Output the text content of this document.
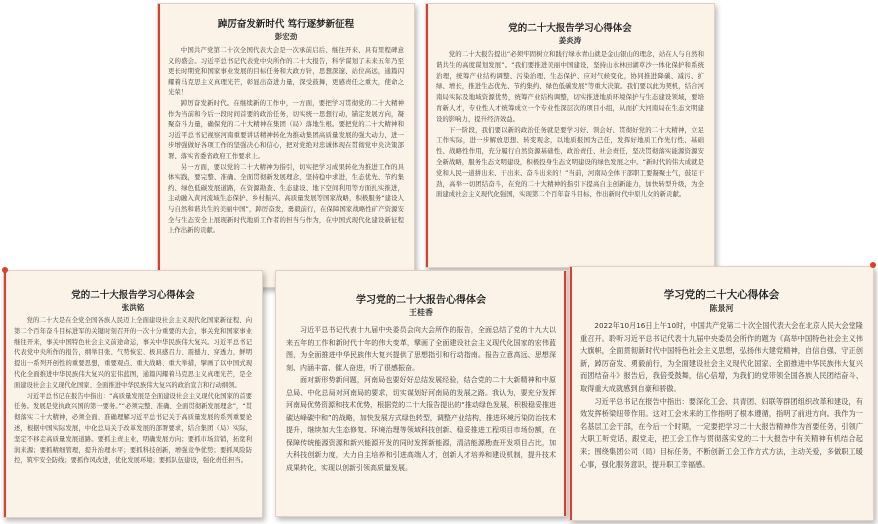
踔厉奋发新时代 笃行逐梦新征程
彭宏劲

中国共产党第二十次全国代表大会是一次承前启后、继往开来、具有里程碑意义的盛会。习近平总书记代表党中央所作的二十大报告，科学谋划了未来五年乃至更长时期党和国家事业发展的目标任务和大政方针，思想深邃、站位高远，通篇闪耀着马克思主义真理光芒，彰显出奋进力量，深受鼓舞，更感责任之重大，使命之光荣！

踔厉奋发新时代。在继续新的工作中，一方面，要把学习贯彻党的二十大精神作为当前和今后一段时间首要的政治任务，切实统一思想行动，锚定发展方向，凝聚奋斗力量，确保党的二十大精神在集团（局）落地生根。要把党的二十大精神和习近平总书记视察河南重要讲话精神转化为推动集团高质量发展的强大动力，进一步增强做好各项工作的坚强决心和信心，把对党绝对忠诚体现在贯彻党中央决策部署、落实省委省政府工作要求上。

另一方面，要以党的二十大精神为指引，切实把学习成果转化为推进工作的具体实践，要完整、准确、全面贯彻新发展理念，坚持稳中求进，生态优先、节约集约、绿色低碳发展道路，在资源勘查、生态建设、地下空间利用等方面扎实推进，主动融入黄河流域生态保护、乡村振兴、高质量发展等国家战略，积极服务“建设人与自然和谐共生的美丽中国”，踔厉奋发，勇毅前行，在保障国家战略性矿产资源安全与生态安全上展现新时代地质工作者的担当与作为，在中国式现代化建设新征程上作出新的贡献。

党的二十大报告学习心得体会
姜炎涛

党的二十大报告提出“必须牢固树立和践行绿水青山就是金山银山的理念，站在人与自然和谐共生的高度谋划发展”。“我们要推进美丽中国建设，坚持山水林田湖草沙一体化保护和系统治理，统筹产业结构调整、污染治理、生态保护、应对气候变化，协同推进降碳、减污、扩绿、增长，推进生态优先、节约集约、绿色低碳发展”等重大决策。我们要以此为契机，结合河南局实际及地域资源优势，统筹产业结构调整，切实推进地质环境保护与生态建设领域，要培育新人才，专业性人才统筹成立一个专业性深层次的项目小组，从而扩大河南局在生态文明建设的影响力，提升经济效益。

下一阶段，我们要以新的政治任务就是要学习好、领会好、贯彻好党的二十大精神，立足工作实际，进一步解放思想、转变观念，以地质报国为己任，发挥好地质工作先行性、基础性、战略性作用，充分履行自然资源基础性、政治责任、社会责任，坚决贯彻落实能源资源安全新战略，服务生态文明建设，积极投身生态文明建设的绿色发展之中。“新时代的伟大成就是党和人民一道拼出来、干出来、奋斗出来的！”当前，河南局全体干部职工要凝聚士气，鼓足干劲，高举一切团结奋斗，在党的二十大精神的指引下提高自主创新能力，加快转型升级，为全面建成社会主义现代化强国，实现第二个百年奋斗目标、作出新时代中原儿女的新贡献。

党的二十大报告学习心得体会
张洪铭

党的二十大是在全党全国各族人民迈上全面建设社会主义现代化国家新征程、向第二个百年奋斗目标进军的关键时刻召开的一次十分重要的大会，事关党和国家事业继往开来，事关中国特色社会主义前途命运，事关中华民族伟大复兴。习近平总书记代表党中央所作的报告，纲举目张、气势恢宏、极具感召力、震撼力、穿透力，鲜明提出一系列开创性的重要思想，重要观点、重大战略、重大举措，擘画了以中国式现代化全面推进中华民族伟大复兴的宏伟蓝图，通篇闪耀着马克思主义真理光芒，是全面建设社会主义现代化国家、全面推进中华民族伟大复兴的政治宣言和行动纲领。

习近平总书记在报告中指出：“高质量发展是全面建设社会主义现代化国家的首要任务。发展是党执政兴国的第一要务。”“必须完整、准确、全面贯彻新发展理念”，“贯彻落实二十大精神，必须全面、准确理解习近平总书记关于高质量发展的系列重要论述，根据中国实际发展，中化总局关于改革发展的部署要求，结合集团（局）实际，坚定不移走高质量发展道路。要抓主责主业，明确发展方向；要抓市场营销，拓宽利润来源；要抓精细管理，提升治理水平；要抓科技创新，增强竞争优势；要抓风险防控，筑牢安全防线；要抓作风改进，优化发展环境；要抓队伍建设，强化责任担当。

学习党的二十大报告心得体会
王桂香

习近平总书记代表十九届中央委员会向大会所作的报告，全面总结了党的十九大以来五年的工作和新时代十年的伟大变革，擘画了全面建设社会主义现代化国家的宏伟蓝图，为全面推进中华民族伟大复兴提供了思想指引和行动指南。报告立意高远、思想深刻、内涵丰富、催人奋进，听了很感振奋。

面对新形势新问题，河南局也要好好总结发展经验，结合党的二十大新精神和中原总局、中化总局对河南局的要求，切实谋划好河南局的发展之路。我认为，要充分发挥河南局优势资源和技术优势，根据党的二十大报告提出的“推动绿色发展，积极稳妥推进碳达峰碳中和”的战略，加快发展方式绿色转型，调整产业结构，推进环境污染防治技术提升，继续加大生态修复、环境治理等领域科技创新、稳妥推进工程项目市场份额，在保障传统能源资源和新兴能源开发的同时发挥新能源，清洁能源勘查开发项目占比，加大科技创新力度，大力自主培养和引进高端人才，创新人才培养和建设机制，提升技术成果转化，实现以创新引领高质量发展。

学习党的二十大心得体会
陈景河

2022年10月16日上午10时，中国共产党第二十次全国代表大会在北京人民大会堂隆重召开。聆听习近平总书记代表十九届中央委员会所作的题为《高举中国特色社会主义伟大旗帜，全面贯彻新时代中国特色社会主义思想，弘扬伟大建党精神，自信自强、守正创新，踔厉奋发、勇毅前行，为全面建设社会主义现代化国家、全面推进中华民族伟大复兴而团结奋斗》报告后，我倍受鼓舞，信心倍增，为我们的党带领全国各族人民团结奋斗、取得重大成就感到自豪和骄傲。

习近平总书记在报告中指出：要深化工会、共青团、妇联等群团组织改革和建设，有效发挥桥梁纽带作用。这对工会未来的工作指明了根本遵循，指明了前进方向。我作为一名基层工会干部，在今后一个时期，一定要把学习二十大报告精神作为首要任务，引领广大职工听党话、跟党走，把工会工作与贯彻落实党的二十大报告中有关精神有机结合起来；围绕集团公司（局）目标任务，不断创新工会工作方式方法，主动关爱，多做职工暖心事，强化服务意识，提升职工幸福感。
